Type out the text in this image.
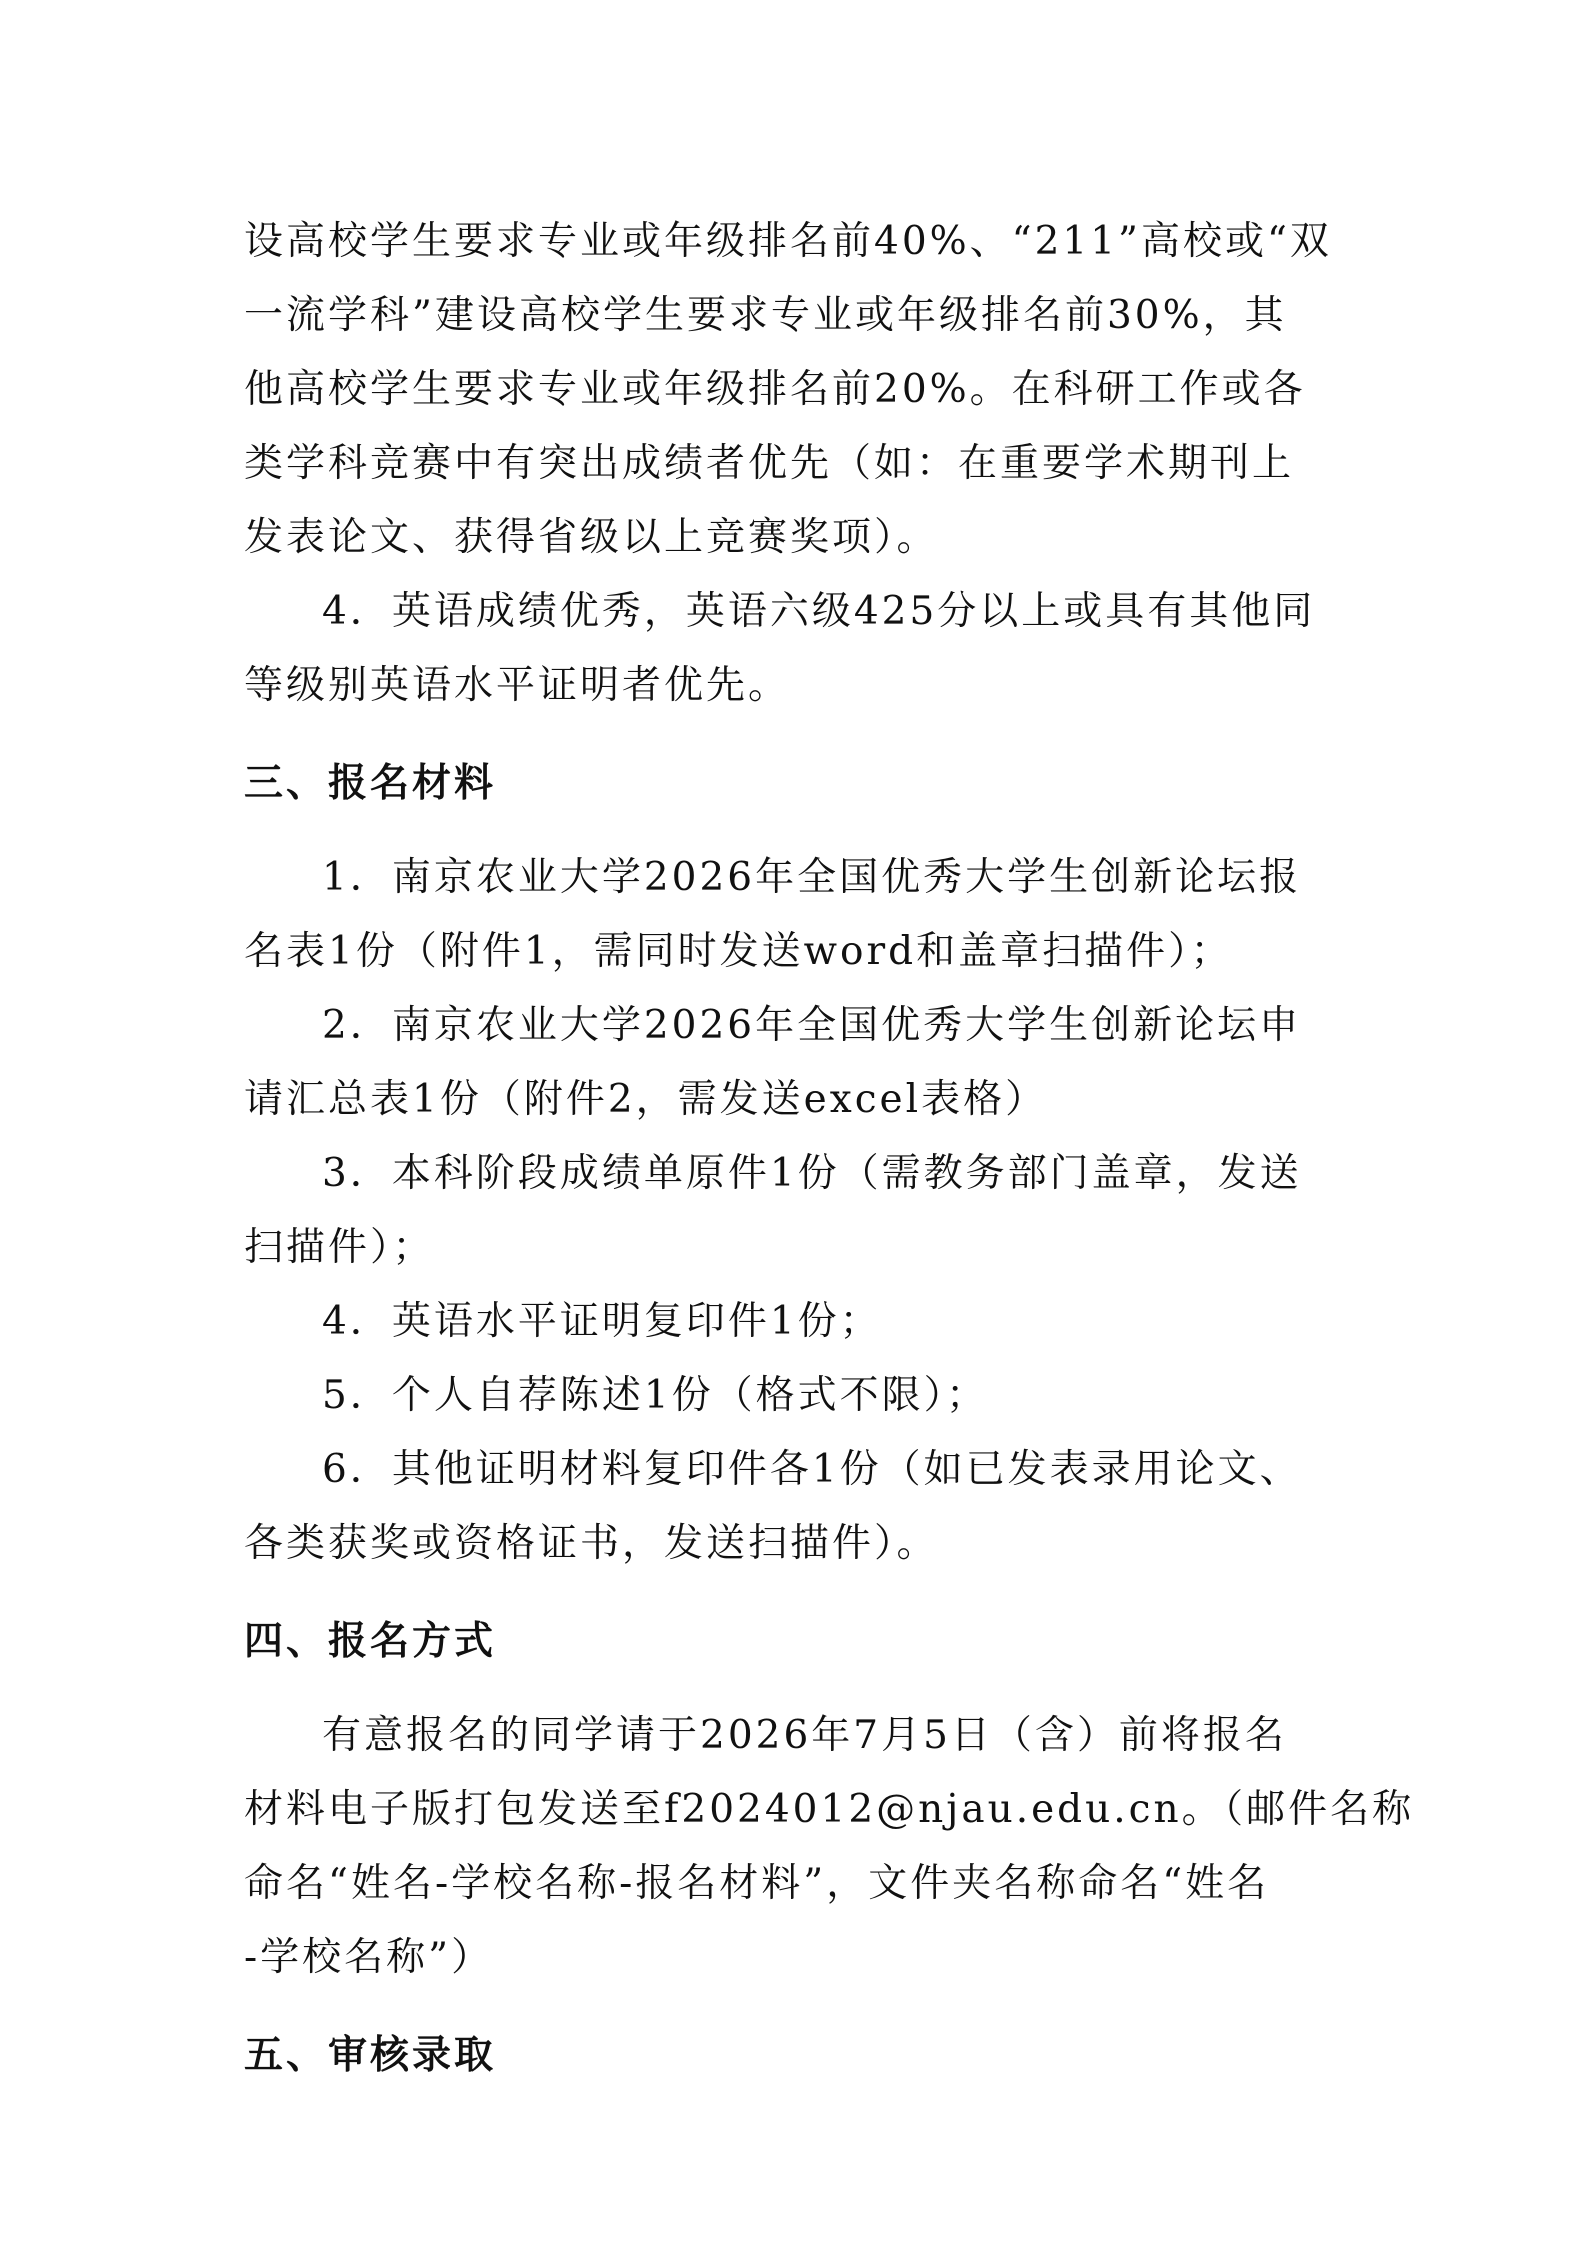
设高校学生要求专业或年级排名前40%、“211”高校或“双
一流学科”建设高校学生要求专业或年级排名前30%，其
他高校学生要求专业或年级排名前20%。在科研工作或各
类学科竞赛中有突出成绩者优先（如：在重要学术期刊上
发表论文、获得省级以上竞赛奖项）。
4．英语成绩优秀，英语六级425分以上或具有其他同
等级别英语水平证明者优先。
三、报名材料
1．南京农业大学2026年全国优秀大学生创新论坛报
名表1份（附件1，需同时发送word和盖章扫描件）；
2．南京农业大学2026年全国优秀大学生创新论坛申
请汇总表1份（附件2，需发送excel表格）
3．本科阶段成绩单原件1份（需教务部门盖章，发送
扫描件）；
4．英语水平证明复印件1份；
5．个人自荐陈述1份（格式不限）；
6．其他证明材料复印件各1份（如已发表录用论文、
各类获奖或资格证书，发送扫描件）。
四、报名方式
有意报名的同学请于2026年7月5日（含）前将报名
材料电子版打包发送至f2024012@njau.edu.cn。（邮件名称
命名“姓名-学校名称-报名材料”，文件夹名称命名“姓名
-学校名称”）
五、审核录取
